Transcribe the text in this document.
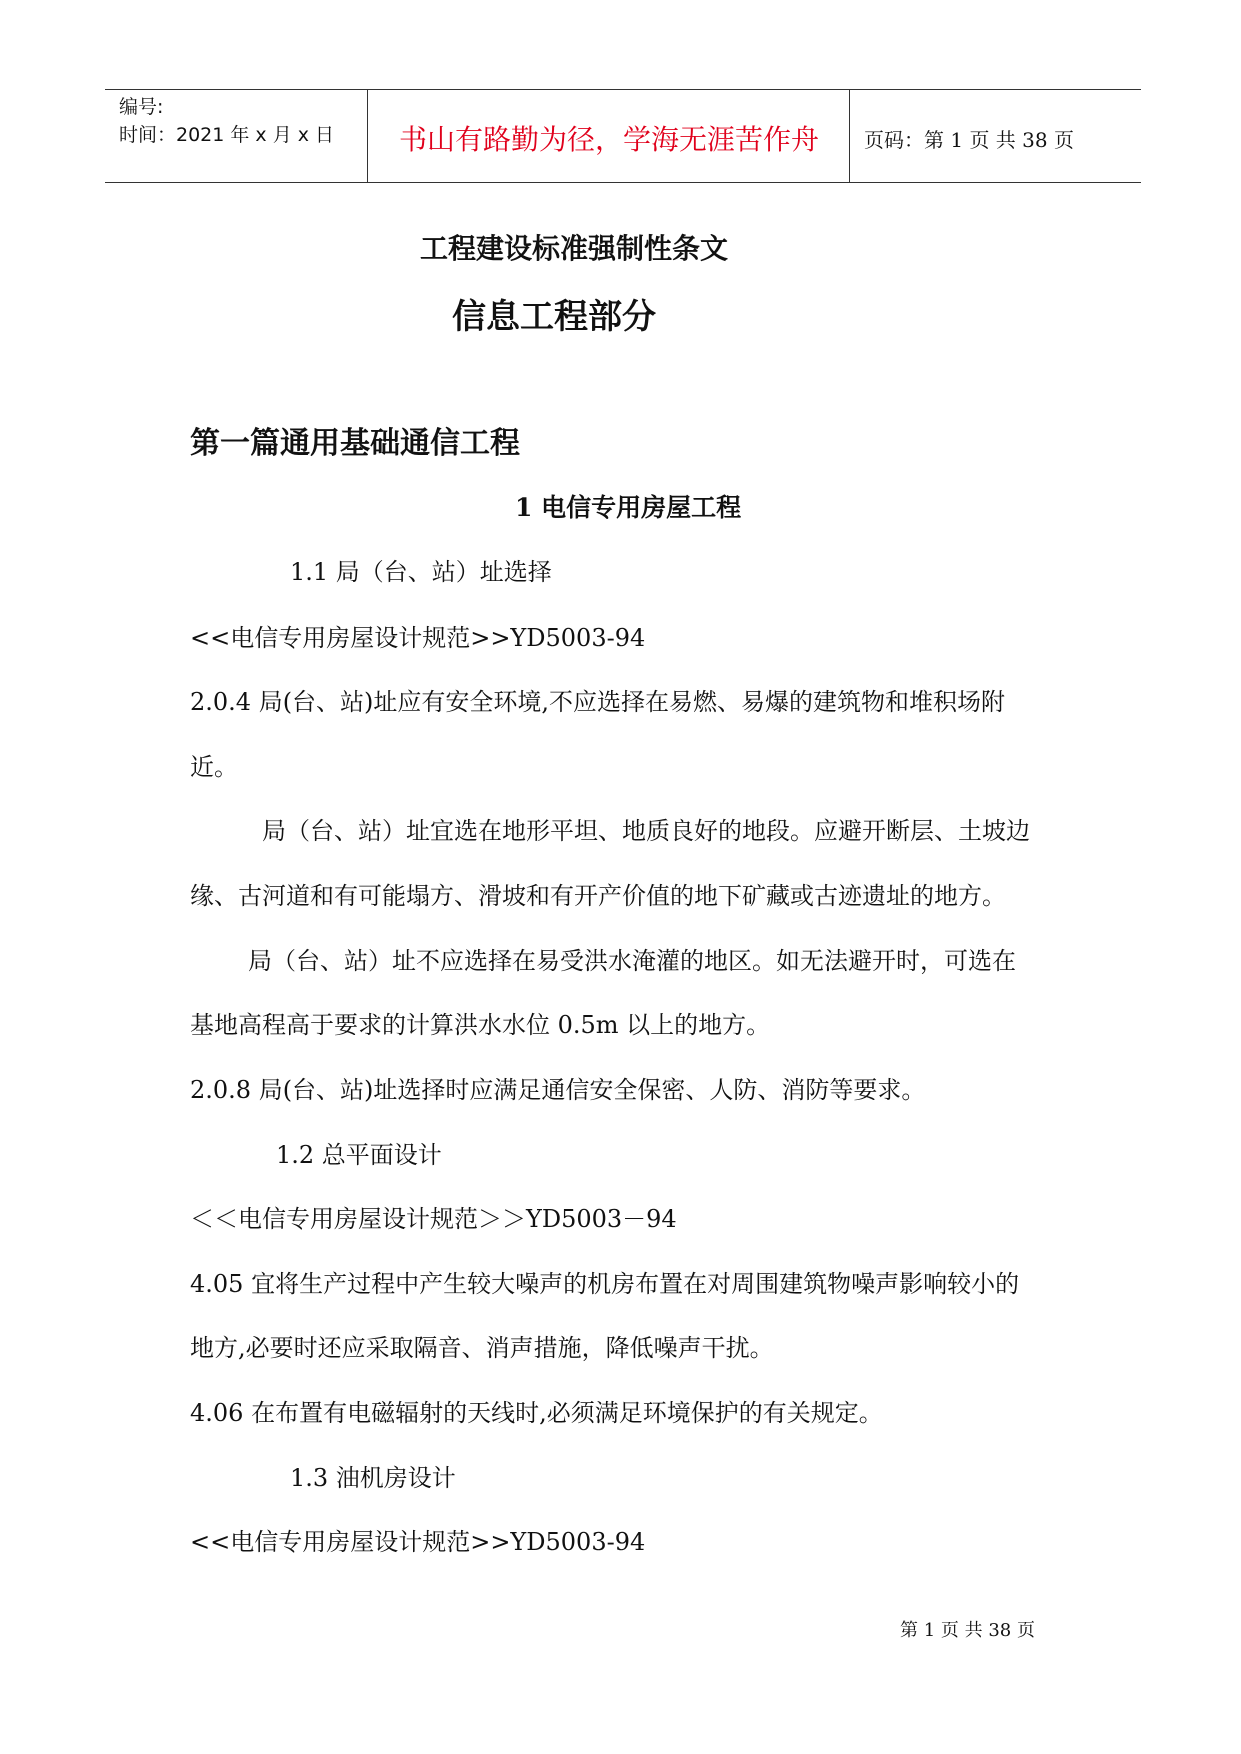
编号:
时间：2021 年 x 月 x 日	书山有路勤为径，学海无涯苦作舟	页码：第 1 页 共 38 页
工程建设标准强制性条文
信息工程部分
第一篇通用基础通信工程
1 电信专用房屋工程
1.1 局（台、站）址选择
<<电信专用房屋设计规范>>YD5003-94
2.0.4 局(台、站)址应有安全环境,不应选择在易燃、易爆的建筑物和堆积场附
近。
局（台、站）址宜选在地形平坦、地质良好的地段。应避开断层、土坡边
缘、古河道和有可能塌方、滑坡和有开产价值的地下矿藏或古迹遗址的地方。
局（台、站）址不应选择在易受洪水淹灌的地区。如无法避开时，可选在
基地高程高于要求的计算洪水水位 0.5m 以上的地方。
2.0.8 局(台、站)址选择时应满足通信安全保密、人防、消防等要求。
1.2 总平面设计
＜＜电信专用房屋设计规范＞＞YD5003－94
4.05 宜将生产过程中产生较大噪声的机房布置在对周围建筑物噪声影响较小的
地方,必要时还应采取隔音、消声措施，降低噪声干扰。
4.06 在布置有电磁辐射的天线时,必须满足环境保护的有关规定。
1.3 油机房设计
<<电信专用房屋设计规范>>YD5003-94
第 1 页 共 38 页
